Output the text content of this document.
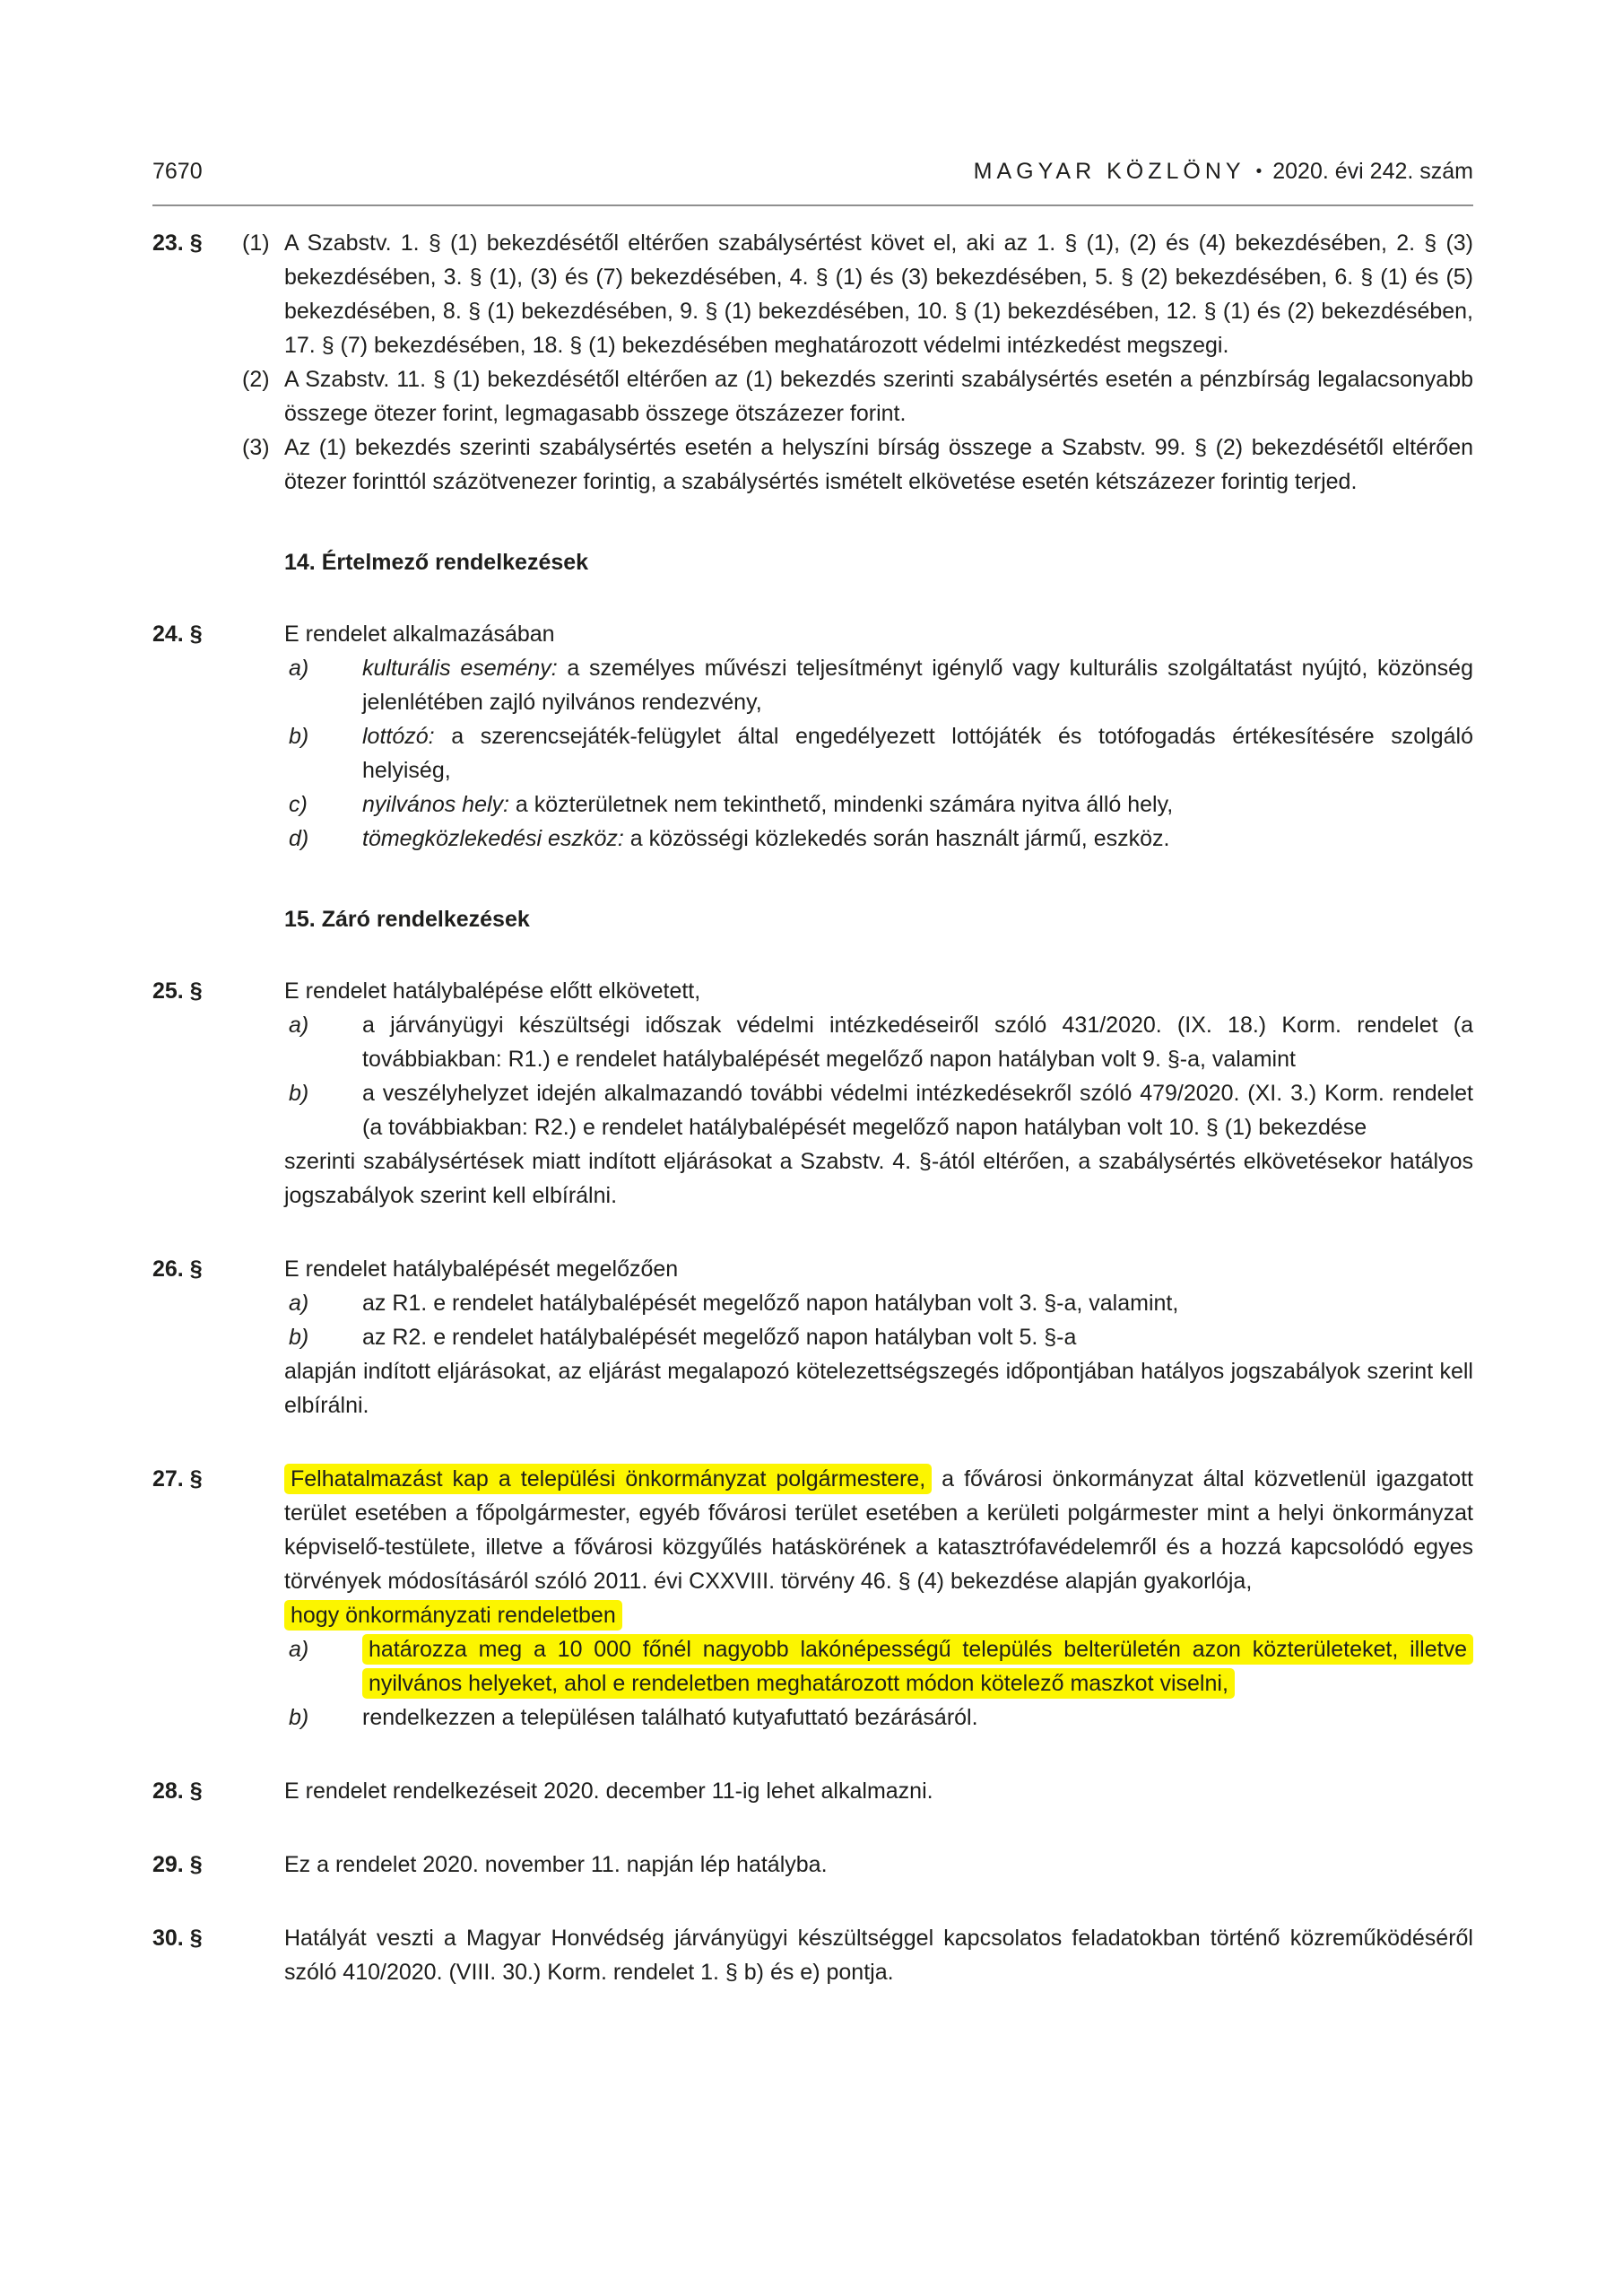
7670	MAGYAR KÖZLÖNY • 2020. évi 242. szám
23. § (1) A Szabstv. 1. § (1) bekezdésétől eltérően szabálysértést követ el, aki az 1. § (1), (2) és (4) bekezdésében, 2. § (3) bekezdésében, 3. § (1), (3) és (7) bekezdésében, 4. § (1) és (3) bekezdésében, 5. § (2) bekezdésében, 6. § (1) és (5) bekezdésében, 8. § (1) bekezdésében, 9. § (1) bekezdésében, 10. § (1) bekezdésében, 12. § (1) és (2) bekezdésében, 17. § (7) bekezdésében, 18. § (1) bekezdésében meghatározott védelmi intézkedést megszegi.
(2) A Szabstv. 11. § (1) bekezdésétől eltérően az (1) bekezdés szerinti szabálysértés esetén a pénzbírság legalacsonyabb összege ötezer forint, legmagasabb összege ötszázezer forint.
(3) Az (1) bekezdés szerinti szabálysértés esetén a helyszíni bírság összege a Szabstv. 99. § (2) bekezdésétől eltérően ötezer forinttól százötvenezer forintig, a szabálysértés ismételt elkövetése esetén kétszázezer forintig terjed.
14. Értelmező rendelkezések
24. §	E rendelet alkalmazásában
a) kulturális esemény: a személyes művészi teljesítményt igénylő vagy kulturális szolgáltatást nyújtó, közönség jelenlétében zajló nyilvános rendezvény,
b) lottózó: a szerencsejáték-felügylet által engedélyezett lottójáték és totófogadás értékesítésére szolgáló helyiség,
c) nyilvános hely: a közterületnek nem tekinthető, mindenki számára nyitva álló hely,
d) tömegközlekedési eszköz: a közösségi közlekedés során használt jármű, eszköz.
15. Záró rendelkezések
25. §	E rendelet hatálybalépése előtt elkövetett,
a) a járványügyi készültségi időszak védelmi intézkedéseiről szóló 431/2020. (IX. 18.) Korm. rendelet (a továbbiakban: R1.) e rendelet hatálybalépését megelőző napon hatályban volt 9. §-a, valamint
b) a veszélyhelyzet idején alkalmazandó további védelmi intézkedésekről szóló 479/2020. (XI. 3.) Korm. rendelet (a továbbiakban: R2.) e rendelet hatálybalépését megelőző napon hatályban volt 10. § (1) bekezdése
szerinti szabálysértések miatt indított eljárásokat a Szabstv. 4. §-ától eltérően, a szabálysértés elkövetésekor hatályos jogszabályok szerint kell elbírálni.
26. §	E rendelet hatálybalépését megelőzően
a) az R1. e rendelet hatálybalépését megelőző napon hatályban volt 3. §-a, valamint,
b) az R2. e rendelet hatálybalépését megelőző napon hatályban volt 5. §-a
alapján indított eljárásokat, az eljárást megalapozó kötelezettségszegés időpontjában hatályos jogszabályok szerint kell elbírálni.
27. §	Felhatalmazást kap a települési önkormányzat polgármestere, a fővárosi önkormányzat által közvetlenül igazgatott terület esetében a főpolgármester, egyéb fővárosi terület esetében a kerületi polgármester mint a helyi önkormányzat képviselő-testülete, illetve a fővárosi közgyűlés hatáskörének a katasztrófavédelemről és a hozzá kapcsolódó egyes törvények módosításáról szóló 2011. évi CXXVIII. törvény 46. § (4) bekezdése alapján gyakorlója,
hogy önkormányzati rendeletben
a)	határozza meg a 10 000 főnél nagyobb lakónépességű település belterületén azon közterületeket, illetve nyilvános helyeket, ahol e rendeletben meghatározott módon kötelező maszkot viselni,
b) rendelkezzen a településen található kutyafuttató bezárásáról.
28. §	E rendelet rendelkezéseit 2020. december 11-ig lehet alkalmazni.
29. §	Ez a rendelet 2020. november 11. napján lép hatályba.
30. §	Hatályát veszti a Magyar Honvédség járványügyi készültséggel kapcsolatos feladatokban történő közreműködéséről szóló 410/2020. (VIII. 30.) Korm. rendelet 1. § b) és e) pontja.
